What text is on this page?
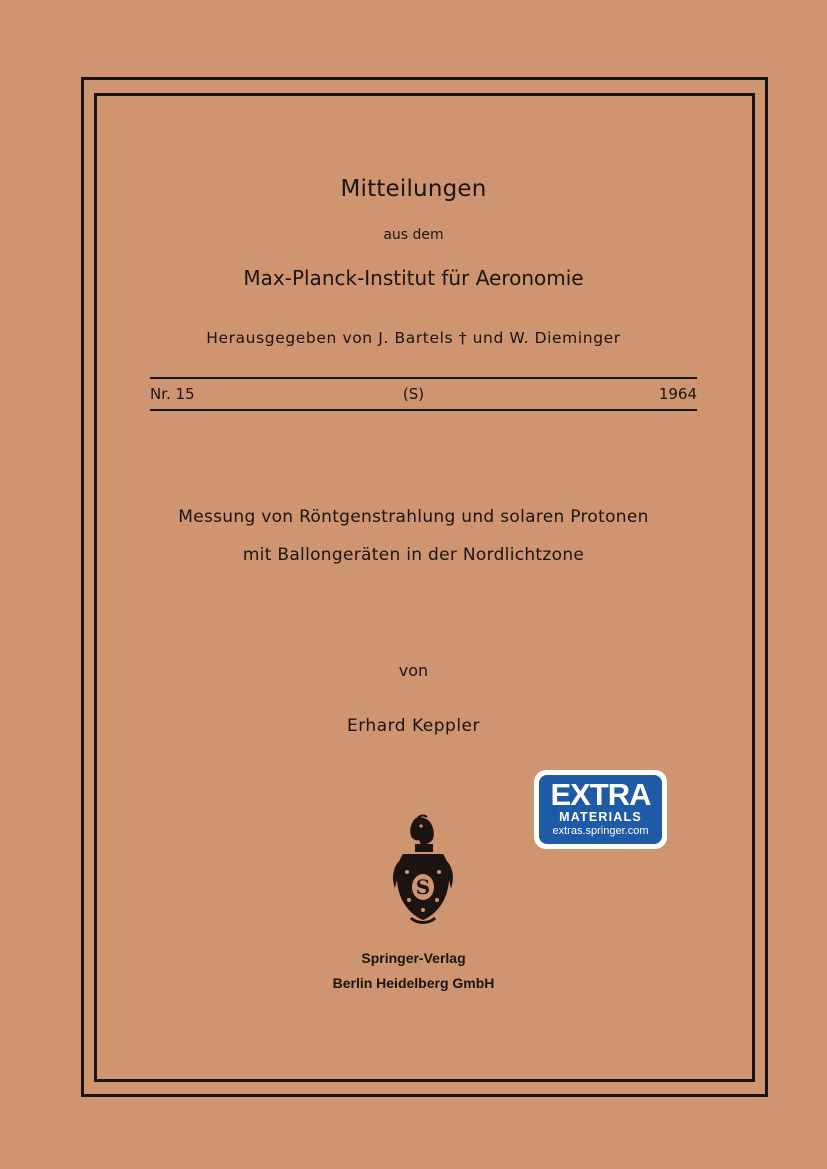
Mitteilungen
aus dem
Max-Planck-Institut für Aeronomie
Herausgegeben von J. Bartels † und W. Dieminger
Nr. 15	(S)	1964
Messung von Röntgenstrahlung und solaren Protonen
mit Ballongeräten in der Nordlichtzone
von
Erhard Keppler
EXTRA
MATERIALS
extras.springer.com
S
Springer-Verlag
Berlin Heidelberg GmbH
